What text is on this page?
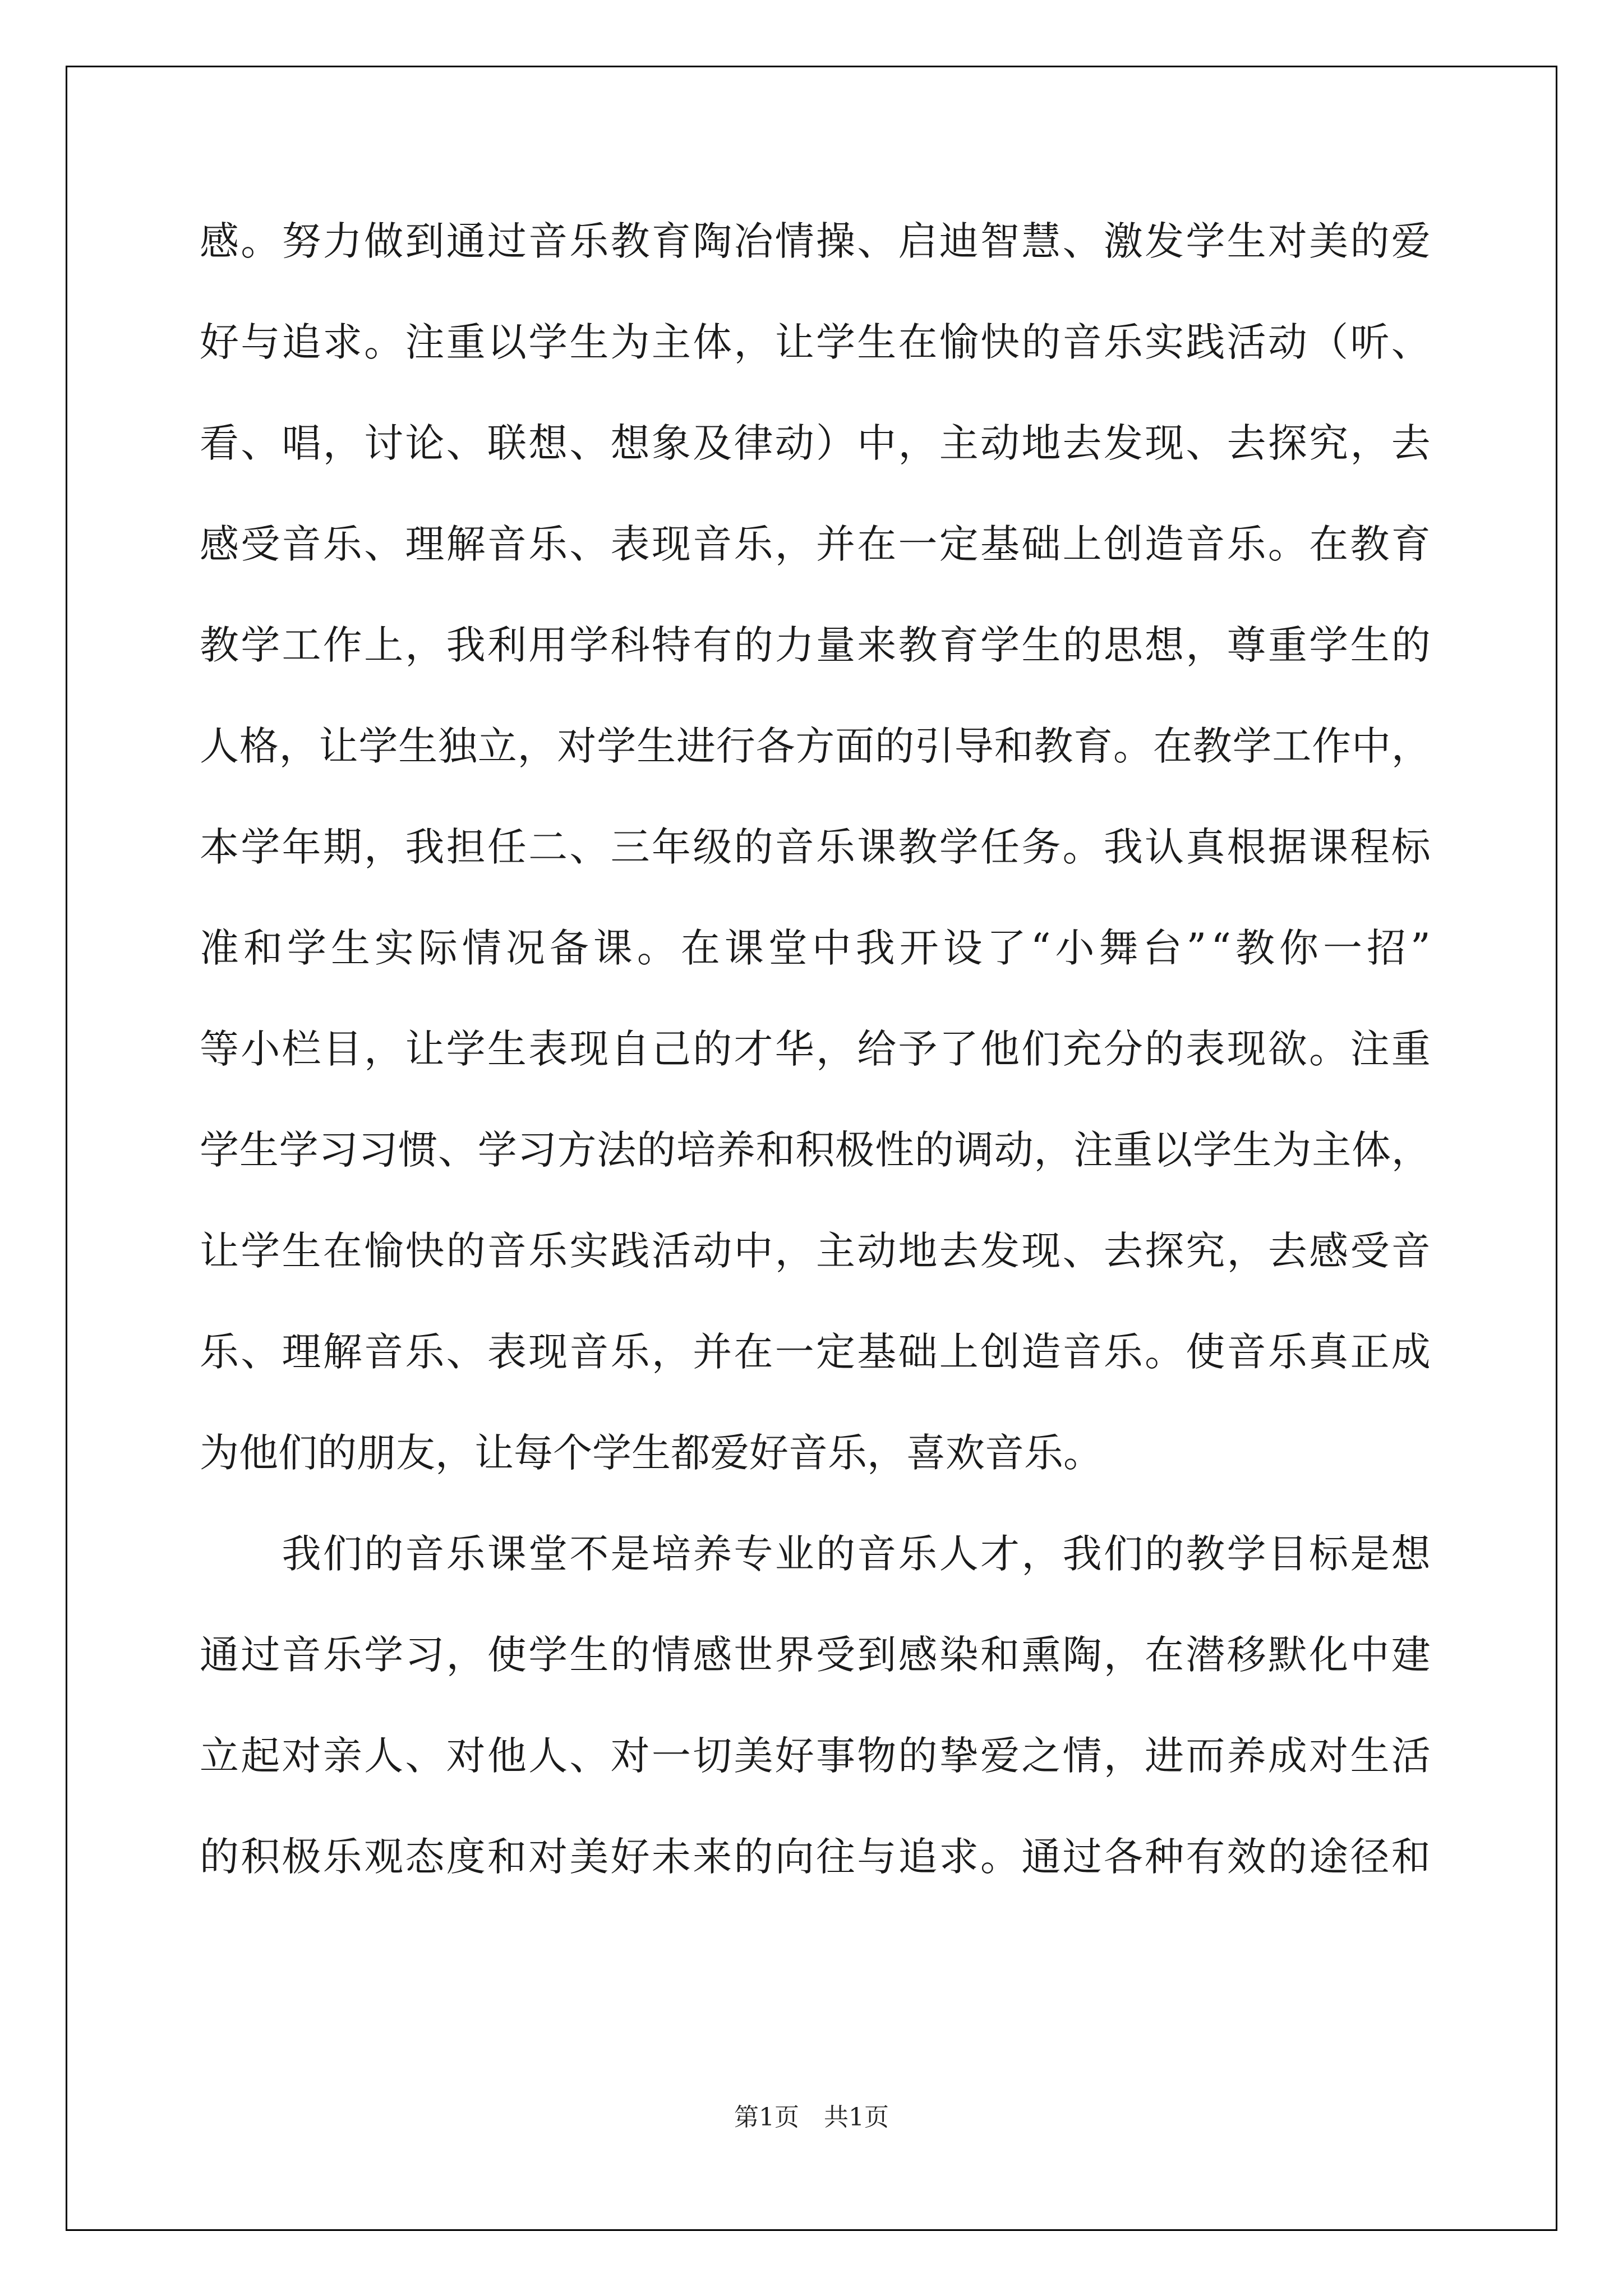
感 。 努 力 做 到 通 过 音 乐 教 育 陶 冶 情 操 、 启 迪 智 慧 、 激 发 学 生 对 美 的 爱
好 与 追 求 。 注 重 以 学 生 为 主 体 ， 让 学 生 在 愉 快 的 音 乐 实 践 活 动 （ 听 、
看 、 唱 ， 讨 论 、 联 想 、 想 象 及 律 动 ） 中 ， 主 动 地 去 发 现 、 去 探 究 ， 去
感 受 音 乐 、 理 解 音 乐 、 表 现 音 乐 ， 并 在 一 定 基 础 上 创 造 音 乐 。 在 教 育
教 学 工 作 上 ， 我 利 用 学 科 特 有 的 力 量 来 教 育 学 生 的 思 想 ， 尊 重 学 生 的
人 格 ， 让 学 生 独 立 ， 对 学 生 进 行 各 方 面 的 引 导 和 教 育 。 在 教 学 工 作 中 ，
本 学 年 期 ， 我 担 任 二 、 三 年 级 的 音 乐 课 教 学 任 务 。 我 认 真 根 据 课 程 标
准 和 学 生 实 际 情 况 备 课 。 在 课 堂 中 我 开 设 了 “ 小 舞 台 ” “ 教 你 一 招 ”
等 小 栏 目 ， 让 学 生 表 现 自 己 的 才 华 ， 给 予 了 他 们 充 分 的 表 现 欲 。 注 重
学 生 学 习 习 惯 、 学 习 方 法 的 培 养 和 积 极 性 的 调 动 ， 注 重 以 学 生 为 主 体 ，
让 学 生 在 愉 快 的 音 乐 实 践 活 动 中 ， 主 动 地 去 发 现 、 去 探 究 ， 去 感 受 音
乐 、 理 解 音 乐 、 表 现 音 乐 ， 并 在 一 定 基 础 上 创 造 音 乐 。 使 音 乐 真 正 成
为他们的朋友，让每个学生都爱好音乐，喜欢音乐。

我 们 的 音 乐 课 堂 不 是 培 养 专 业 的 音 乐 人 才 ， 我 们 的 教 学 目 标 是 想
通 过 音 乐 学 习 ， 使 学 生 的 情 感 世 界 受 到 感 染 和 熏 陶 ， 在 潜 移 默 化 中 建
立 起 对 亲 人 、 对 他 人 、 对 一 切 美 好 事 物 的 挚 爱 之 情 ， 进 而 养 成 对 生 活
的 积 极 乐 观 态 度 和 对 美 好 未 来 的 向 往 与 追 求 。 通 过 各 种 有 效 的 途 径 和
第1页　共1页
